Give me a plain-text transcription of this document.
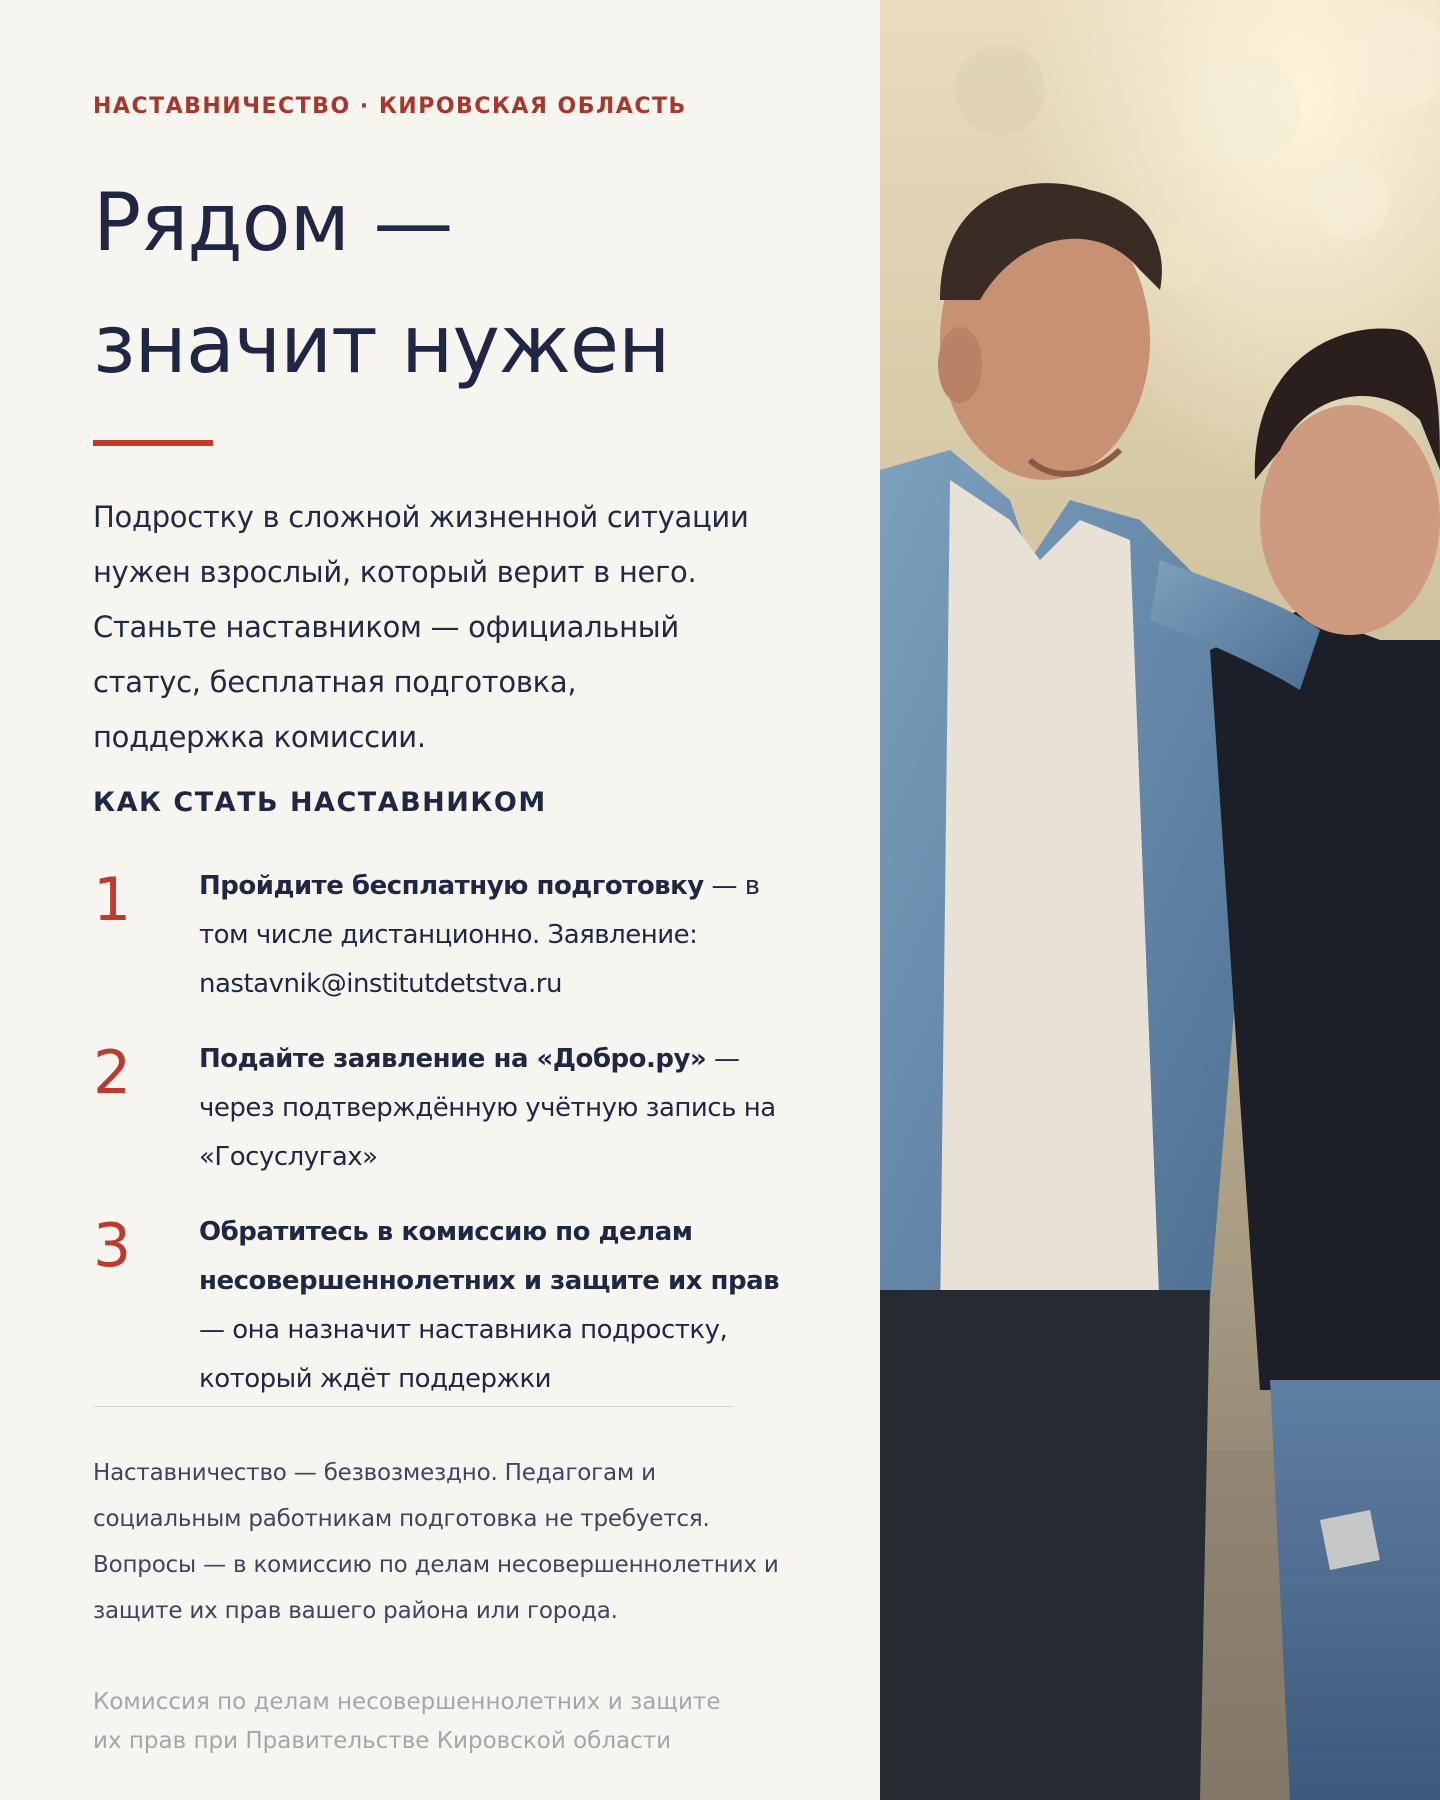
НАСТАВНИЧЕСТВО · КИРОВСКАЯ ОБЛАСТЬ
Рядом —
значит нужен

Подростку в сложной жизненной ситуации нужен взрослый, который верит в него. Станьте наставником — официальный статус, бесплатная подготовка, поддержка комиссии.

КАК СТАТЬ НАСТАВНИКОМ
1	Пройдите бесплатную подготовку — в том числе дистанционно. Заявление: nastavnik@institutdetstva.ru
2	Подайте заявление на «Добро.ру» — через подтверждённую учётную запись на «Госуслугах»
3	Обратитесь в комиссию по делам несовершеннолетних и защите их прав — она назначит наставника подростку, который ждёт поддержки

Наставничество — безвозмездно. Педагогам и социальным работникам подготовка не требуется. Вопросы — в комиссию по делам несовершеннолетних и защите их прав вашего района или города.

Комиссия по делам несовершеннолетних и защите их прав при Правительстве Кировской области
